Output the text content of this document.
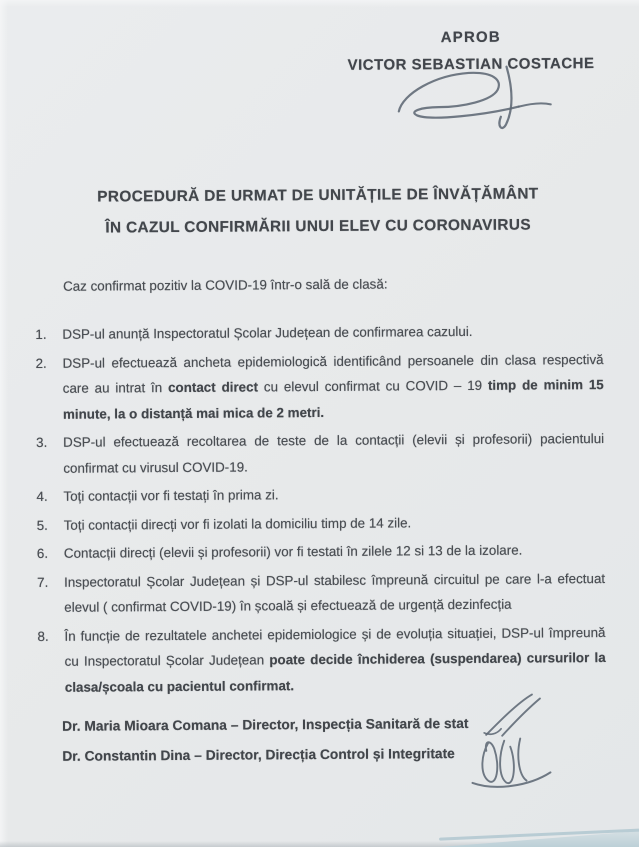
APROB
VICTOR SEBASTIAN COSTACHE
PROCEDURĂ DE URMAT DE UNITĂȚILE DE ÎNVĂȚĂMÂNT
ÎN CAZUL CONFIRMĂRII UNUI ELEV CU CORONAVIRUS
Caz confirmat pozitiv la COVID-19 într-o sală de clasă:
1. DSP-ul anunță Inspectoratul Școlar Județean de confirmarea cazului.
2. DSP-ul efectuează ancheta epidemiologică identificând persoanele din clasa respectivă care au intrat în contact direct cu elevul confirmat cu COVID – 19 timp de minim 15 minute, la o distanță mai mica de 2 metri.
3. DSP-ul efectuează recoltarea de teste de la contacții (elevii și profesorii) pacientului confirmat cu virusul COVID-19.
4. Toți contacții vor fi testați în prima zi.
5. Toți contacții direcți vor fi izolati la domiciliu timp de 14 zile.
6. Contacții direcți (elevii și profesorii) vor fi testati în zilele 12 si 13 de la izolare.
7. Inspectoratul Școlar Județean și DSP-ul stabilesc împreună circuitul pe care l-a efectuat elevul ( confirmat COVID-19) în școală și efectuează de urgență dezinfecția
8. În funcție de rezultatele anchetei epidemiologice și de evoluția situației, DSP-ul împreună cu Inspectoratul Școlar Județean poate decide închiderea (suspendarea) cursurilor la clasa/școala cu pacientul confirmat.
Dr. Maria Mioara Comana – Director, Inspecția Sanitară de stat
Dr. Constantin Dina – Director, Direcția Control și Integritate
